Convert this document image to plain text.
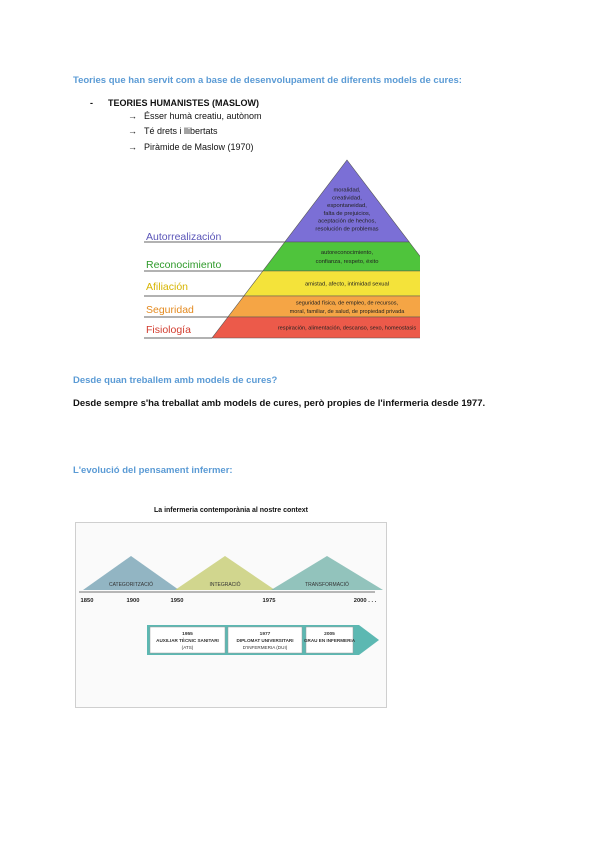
Teories que han servit com a base de desenvolupament de diferents models de cures:
- TEORIES HUMANISTES (MASLOW)
→ Ésser humà creatiu, autònom
→ Té drets i llibertats
→ Piràmide de Maslow (1970)
Autorrealización
moralidad,
creatividad,
espontaneidad,
falta de prejuicios,
aceptación de hechos,
resolución de problemas
Reconocimiento
autoreconocimiento,
confianza, respeto, éxito
Afiliación	amistad, afecto, intimidad sexual
Seguridad
seguridad física, de empleo, de recursos,
moral, familiar, de salud, de propiedad privada
Fisiología	respiración, alimentación, descanso, sexo, homeostasis
Desde quan treballem amb models de cures?
Desde sempre s'ha treballat amb models de cures, però propies de l'infermeria desde 1977.
L'evolució del pensament infermer:
La infermeria contemporània al nostre context
CATEGORITZACIÓ	INTEGRACIÓ	TRANSFORMACIÓ
1850	1900	1950	1975	2000 . . .
1955
AUXILIAR TÈCNIC SANITARI
(ATS)
1977
DIPLOMAT UNIVERSITARI
D'INFERMERIA (DUI)
2005
GRAU EN INFERMERIA
